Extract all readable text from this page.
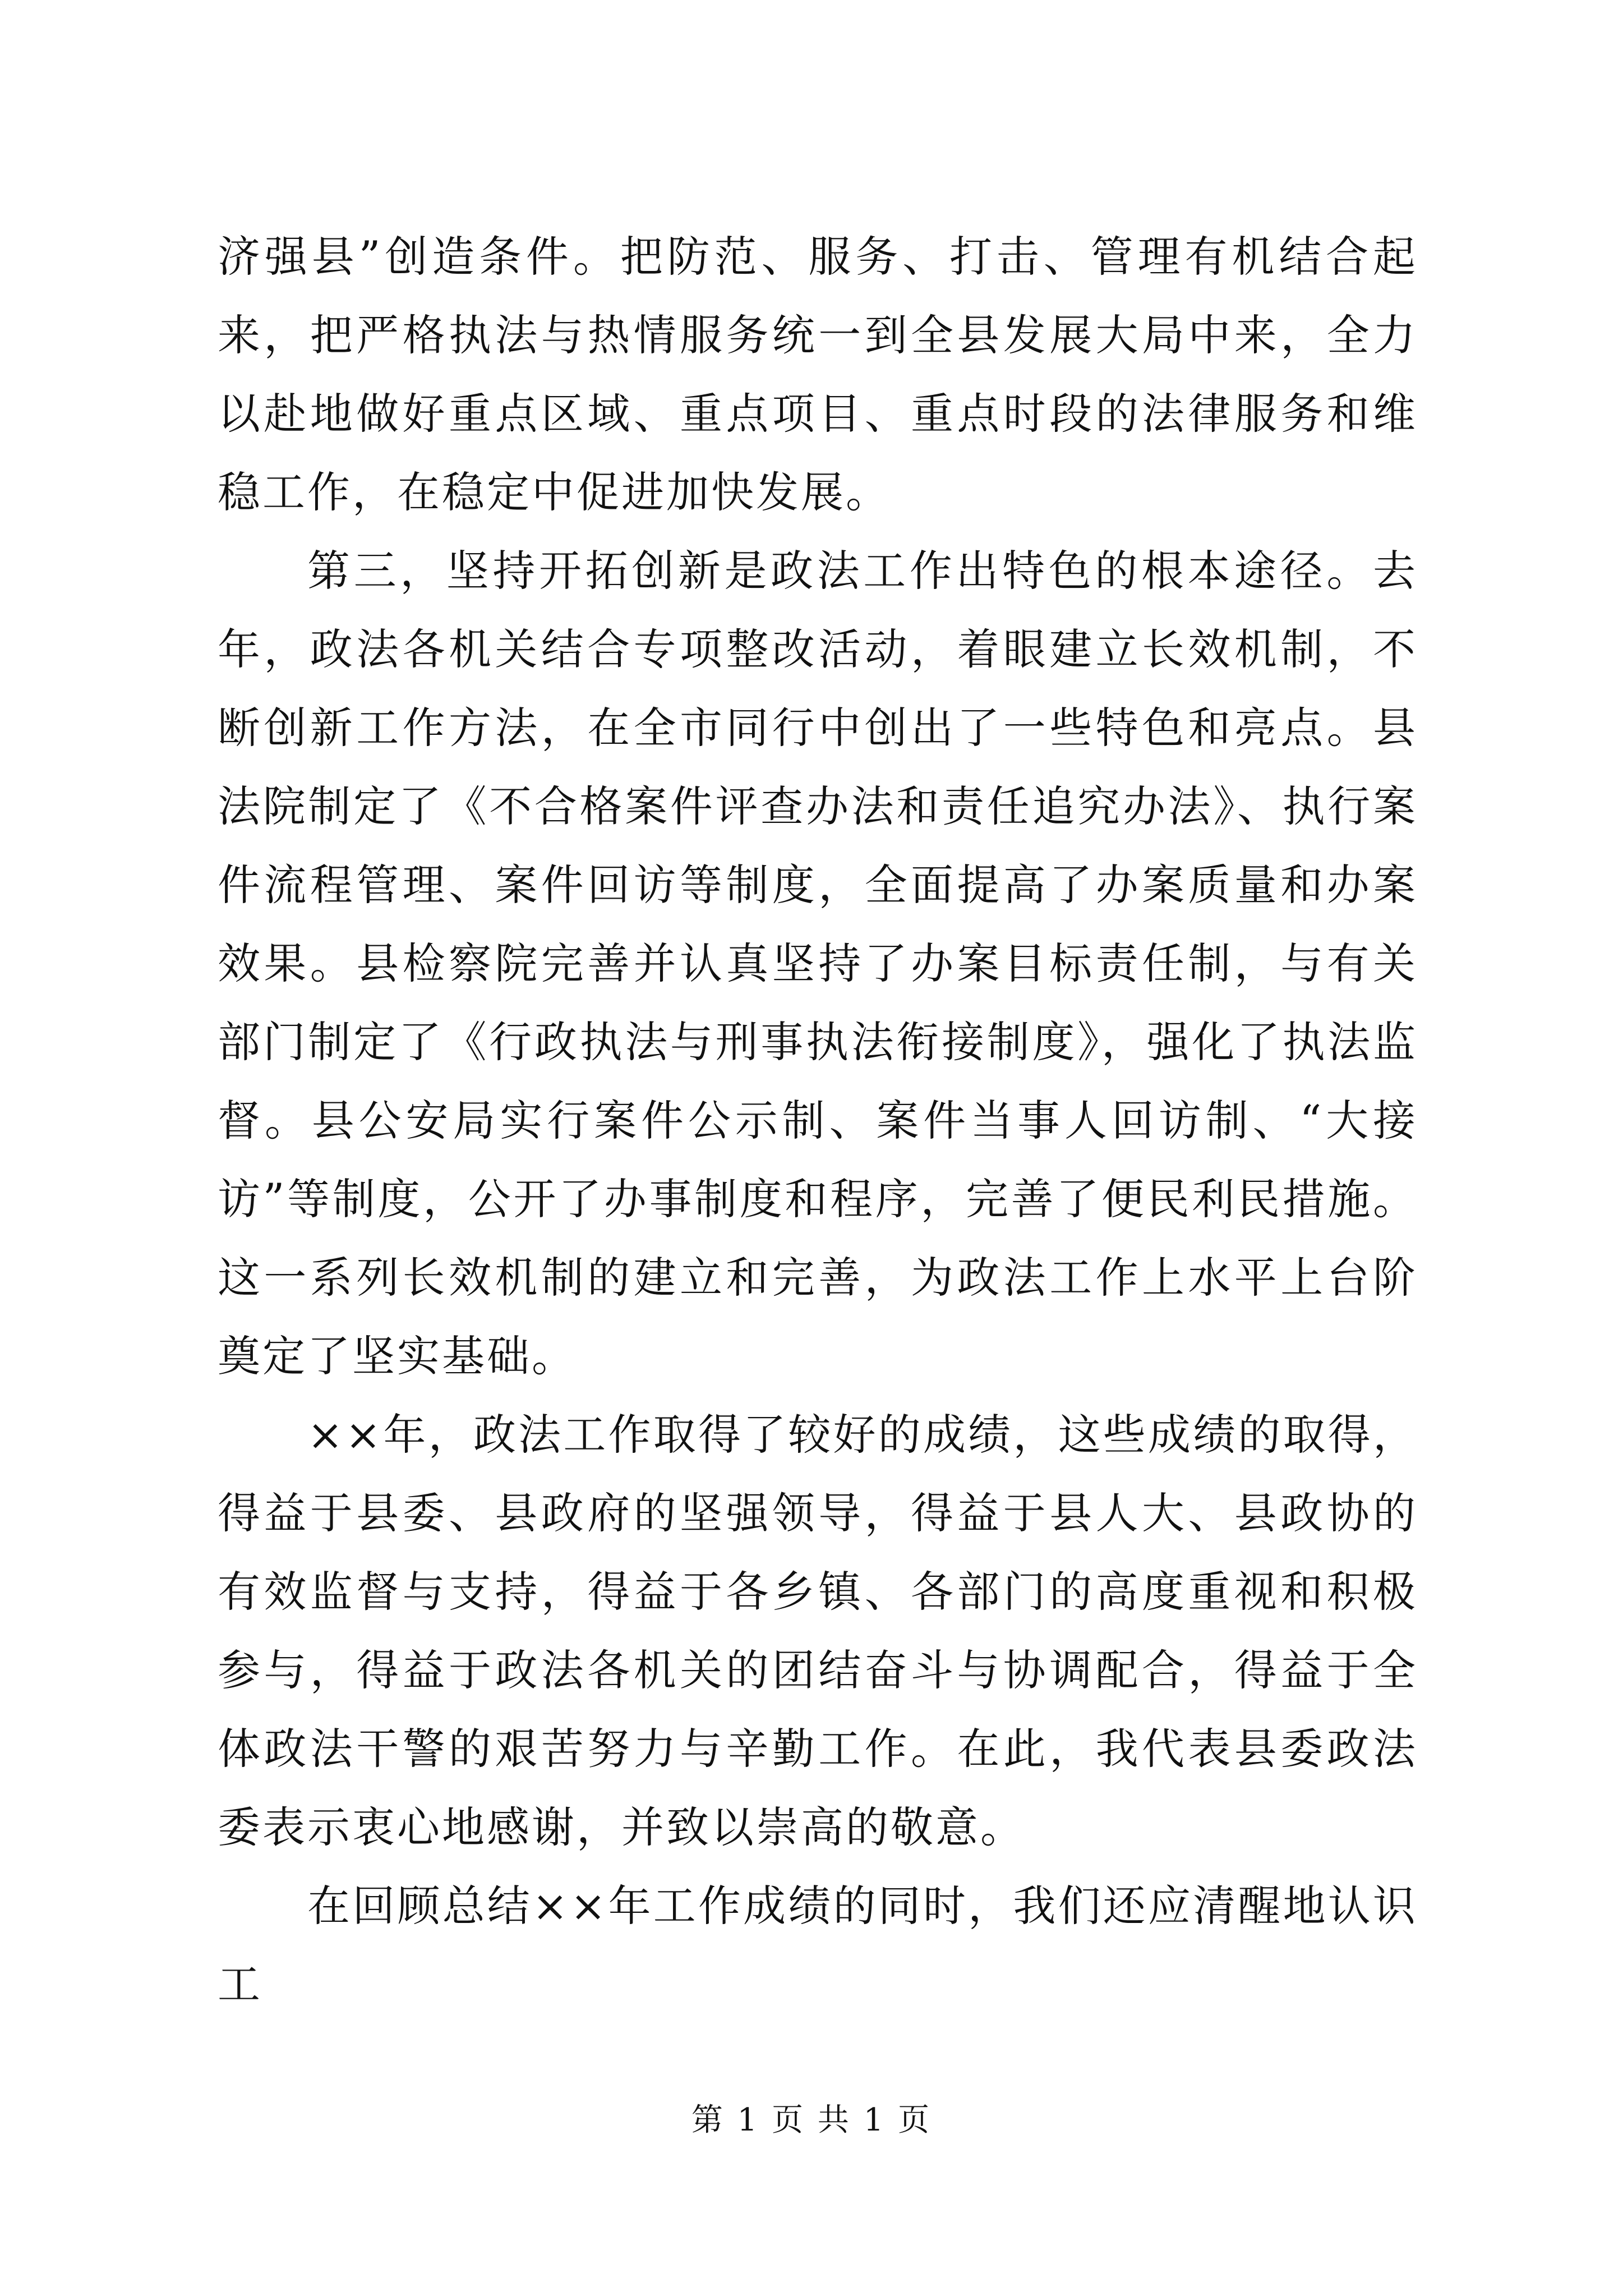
济强县”创造条件。把防范、服务、打击、管理有机结合起来，把严格执法与热情服务统一到全县发展大局中来，全力以赴地做好重点区域、重点项目、重点时段的法律服务和维稳工作，在稳定中促进加快发展。

第三，坚持开拓创新是政法工作出特色的根本途径。去年，政法各机关结合专项整改活动，着眼建立长效机制，不断创新工作方法，在全市同行中创出了一些特色和亮点。县法院制定了《不合格案件评查办法和责任追究办法》、执行案件流程管理、案件回访等制度，全面提高了办案质量和办案效果。县检察院完善并认真坚持了办案目标责任制，与有关部门制定了《行政执法与刑事执法衔接制度》，强化了执法监督。县公安局实行案件公示制、案件当事人回访制、“大接访”等制度，公开了办事制度和程序，完善了便民利民措施。这一系列长效机制的建立和完善，为政法工作上水平上台阶奠定了坚实基础。

××年，政法工作取得了较好的成绩，这些成绩的取得，得益于县委、县政府的坚强领导，得益于县人大、县政协的有效监督与支持，得益于各乡镇、各部门的高度重视和积极参与，得益于政法各机关的团结奋斗与协调配合，得益于全体政法干警的艰苦努力与辛勤工作。在此，我代表县委政法委表示衷心地感谢，并致以崇高的敬意。

在回顾总结××年工作成绩的同时，我们还应清醒地认识工

第 1 页 共 1 页
